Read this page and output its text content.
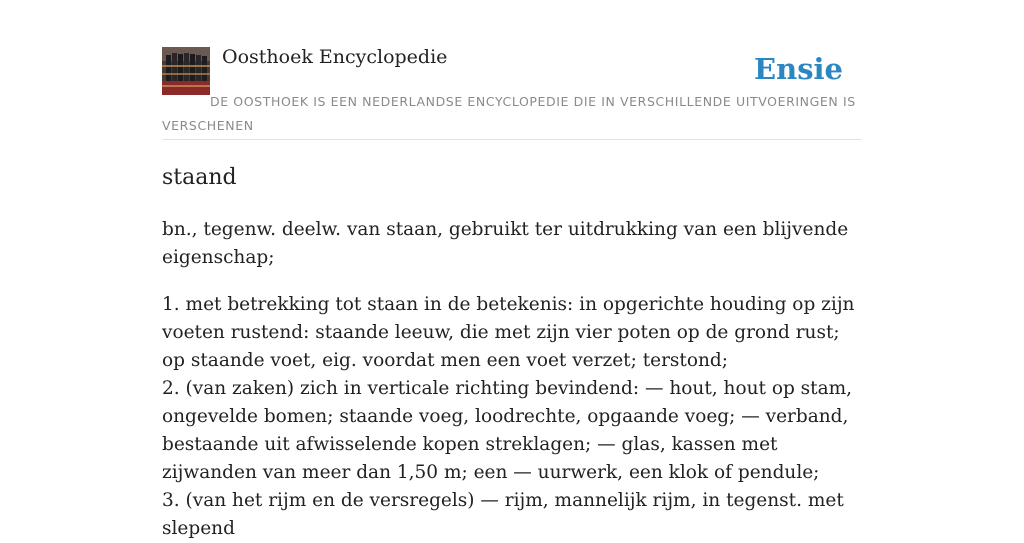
Oosthoek Encyclopedie	Ensie
DE OOSTHOEK IS EEN NEDERLANDSE ENCYCLOPEDIE DIE IN VERSCHILLENDE UITVOERINGEN IS VERSCHENEN
staand

bn., tegenw. deelw. van staan, gebruikt ter uitdrukking van een blijvende eigenschap;

1. met betrekking tot staan in de betekenis: in opgerichte houding op zijn voeten rustend: staande leeuw, die met zijn vier poten op de grond rust; op staande voet, eig. voordat men een voet verzet; terstond;
2. (van zaken) zich in verticale richting bevindend: — hout, hout op stam, ongevelde bomen; staande voeg, loodrechte, opgaande voeg; — verband, bestaande uit afwisselende kopen streklagen; — glas, kassen met zijwanden van meer dan 1,50 m; een — uurwerk, een klok of pendule;
3. (van het rijm en de versregels) — rijm, mannelijk rijm, in tegenst. met slepend
